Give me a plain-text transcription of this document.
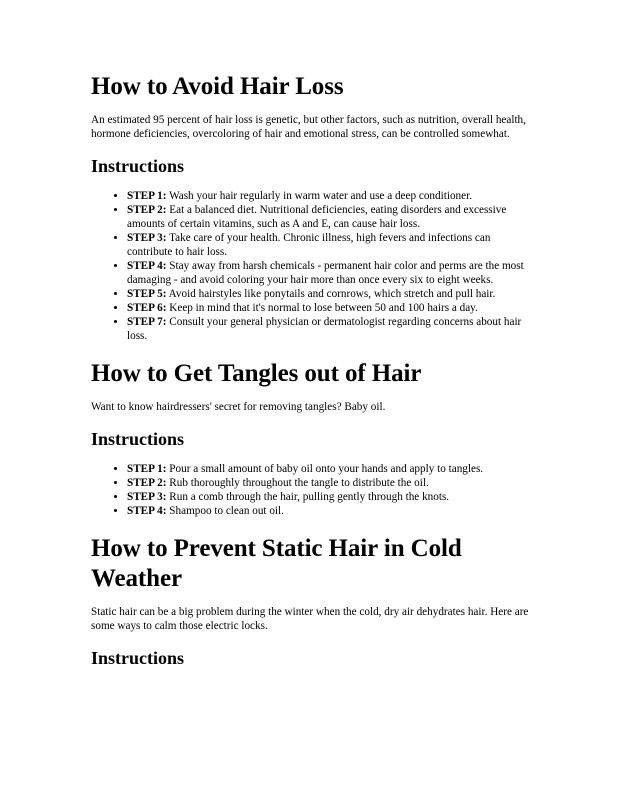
How to Avoid Hair Loss

An estimated 95 percent of hair loss is genetic, but other factors, such as nutrition, overall health, hormone deficiencies, overcoloring of hair and emotional stress, can be controlled somewhat.

Instructions
• STEP 1: Wash your hair regularly in warm water and use a deep conditioner.
• STEP 2: Eat a balanced diet. Nutritional deficiencies, eating disorders and excessive amounts of certain vitamins, such as A and E, can cause hair loss.
• STEP 3: Take care of your health. Chronic illness, high fevers and infections can contribute to hair loss.
• STEP 4: Stay away from harsh chemicals - permanent hair color and perms are the most damaging - and avoid coloring your hair more than once every six to eight weeks.
• STEP 5: Avoid hairstyles like ponytails and cornrows, which stretch and pull hair.
• STEP 6: Keep in mind that it's normal to lose between 50 and 100 hairs a day.
• STEP 7: Consult your general physician or dermatologist regarding concerns about hair loss.
How to Get Tangles out of Hair

Want to know hairdressers' secret for removing tangles? Baby oil.

Instructions
• STEP 1: Pour a small amount of baby oil onto your hands and apply to tangles.
• STEP 2: Rub thoroughly throughout the tangle to distribute the oil.
• STEP 3: Run a comb through the hair, pulling gently through the knots.
• STEP 4: Shampoo to clean out oil.
How to Prevent Static Hair in Cold Weather

Static hair can be a big problem during the winter when the cold, dry air dehydrates hair. Here are some ways to calm those electric locks.

Instructions
